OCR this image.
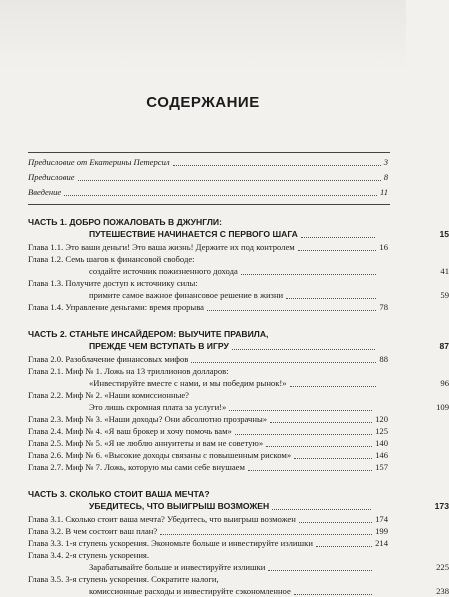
СОДЕРЖАНИЕ
Предисловие от Екатерины Петерсил	3
Предисловие	8
Введение	11
ЧАСТЬ 1. ДОБРО ПОЖАЛОВАТЬ В ДЖУНГЛИ:
ПУТЕШЕСТВИЕ НАЧИНАЕТСЯ С ПЕРВОГО ШАГА	15
Глава 1.1. Это ваши деньги! Это ваша жизнь! Держите их под контролем	16
Глава 1.2. Семь шагов к финансовой свободе:
создайте источник пожизненного дохода	41
Глава 1.3. Получите доступ к источнику силы:
примите самое важное финансовое решение в жизни	59
Глава 1.4. Управление деньгами: время прорыва	78
ЧАСТЬ 2. СТАНЬТЕ ИНСАЙДЕРОМ: ВЫУЧИТЕ ПРАВИЛА,
ПРЕЖДЕ ЧЕМ ВСТУПАТЬ В ИГРУ	87
Глава 2.0. Разоблачение финансовых мифов	88
Глава 2.1. Миф № 1. Ложь на 13 триллионов долларов:
«Инвестируйте вместе с нами, и мы победим рынок!»	96
Глава 2.2. Миф № 2. «Наши комиссионные?
Это лишь скромная плата за услуги!»	109
Глава 2.3. Миф № 3. «Наши доходы? Они абсолютно прозрачны»	120
Глава 2.4. Миф № 4. «Я ваш брокер и хочу помочь вам»	125
Глава 2.5. Миф № 5. «Я не люблю аннуитеты и вам не советую»	140
Глава 2.6. Миф № 6. «Высокие доходы связаны с повышенным риском»	146
Глава 2.7. Миф № 7. Ложь, которую мы сами себе внушаем	157
ЧАСТЬ 3. СКОЛЬКО СТОИТ ВАША МЕЧТА?
УБЕДИТЕСЬ, ЧТО ВЫИГРЫШ ВОЗМОЖЕН	173
Глава 3.1. Сколько стоит ваша мечта? Убедитесь, что выигрыш возможен	174
Глава 3.2. В чем состоит ваш план?	199
Глава 3.3. 1-я ступень ускорения. Экономьте больше и инвестируйте излишки	214
Глава 3.4. 2-я ступень ускорения.
Зарабатывайте больше и инвестируйте излишки	225
Глава 3.5. 3-я ступень ускорения. Сократите налоги,
комиссионные расходы и инвестируйте сэкономленное	238
